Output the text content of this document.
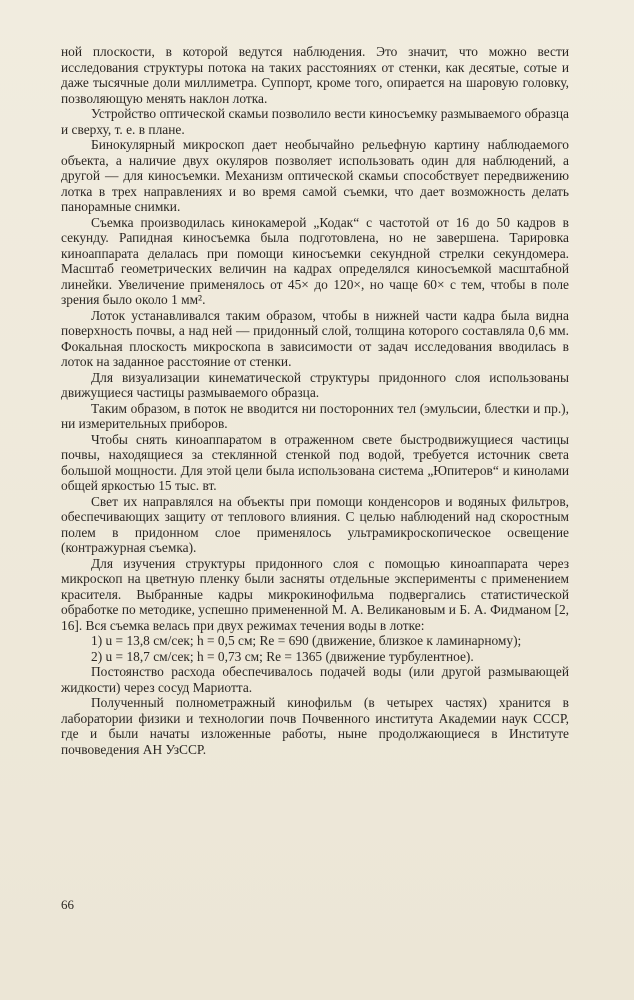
ной плоскости, в которой ведутся наблюдения. Это значит, что можно вести исследования структуры потока на таких расстояниях от стенки, как десятые, сотые и даже тысячные доли миллиметра. Суппорт, кроме того, опирается на шаровую головку, позволяющую менять наклон лотка.

Устройство оптической скамьи позволило вести киносъемку размываемого образца и сверху, т. е. в плане.

Бинокулярный микроскоп дает необычайно рельефную картину наблюдаемого объекта, а наличие двух окуляров позволяет использовать один для наблюдений, а другой — для киносъемки. Механизм оптической скамьи способствует передвижению лотка в трех направлениях и во время самой съемки, что дает возможность делать панорамные снимки.

Съемка производилась кинокамерой „Кодак“ с частотой от 16 до 50 кадров в секунду. Рапидная киносъемка была подготовлена, но не завершена. Тарировка киноаппарата делалась при помощи киносъемки секундной стрелки секундомера. Масштаб геометрических величин на кадрах определялся киносъемкой масштабной линейки. Увеличение применялось от 45× до 120×, но чаще 60× с тем, чтобы в поле зрения было около 1 мм².

Лоток устанавливался таким образом, чтобы в нижней части кадра была видна поверхность почвы, а над ней — придонный слой, толщина которого составляла 0,6 мм. Фокальная плоскость микроскопа в зависимости от задач исследования вводилась в лоток на заданное расстояние от стенки.

Для визуализации кинематической структуры придонного слоя использованы движущиеся частицы размываемого образца.

Таким образом, в поток не вводится ни посторонних тел (эмульсии, блестки и пр.), ни измерительных приборов.

Чтобы снять киноаппаратом в отраженном свете быстродвижущиеся частицы почвы, находящиеся за стеклянной стенкой под водой, требуется источник света большой мощности. Для этой цели была использована система „Юпитеров“ и кинолами общей яркостью 15 тыс. вт.

Свет их направлялся на объекты при помощи конденсоров и водяных фильтров, обеспечивающих защиту от теплового влияния. С целью наблюдений над скоростным полем в придонном слое применялось ультрамикроскопическое освещение (контражурная съемка).

Для изучения структуры придонного слоя с помощью киноаппарата через микроскоп на цветную пленку были засняты отдельные эксперименты с применением красителя. Выбранные кадры микрокинофильма подвергались статистической обработке по методике, успешно примененной М. А. Великановым и Б. А. Фидманом [2, 16]. Вся съемка велась при двух режимах течения воды в лотке:

1) u = 13,8 см/сек; h = 0,5 см; Re = 690 (движение, близкое к ламинарному);

2) u = 18,7 см/сек; h = 0,73 см; Re = 1365 (движение турбулентное).

Постоянство расхода обеспечивалось подачей воды (или другой размывающей жидкости) через сосуд Мариотта.

Полученный полнометражный кинофильм (в четырех частях) хранится в лаборатории физики и технологии почв Почвенного института Академии наук СССР, где и были начаты изложенные работы, ныне продолжающиеся в Институте почвоведения АН УзССР.

66
